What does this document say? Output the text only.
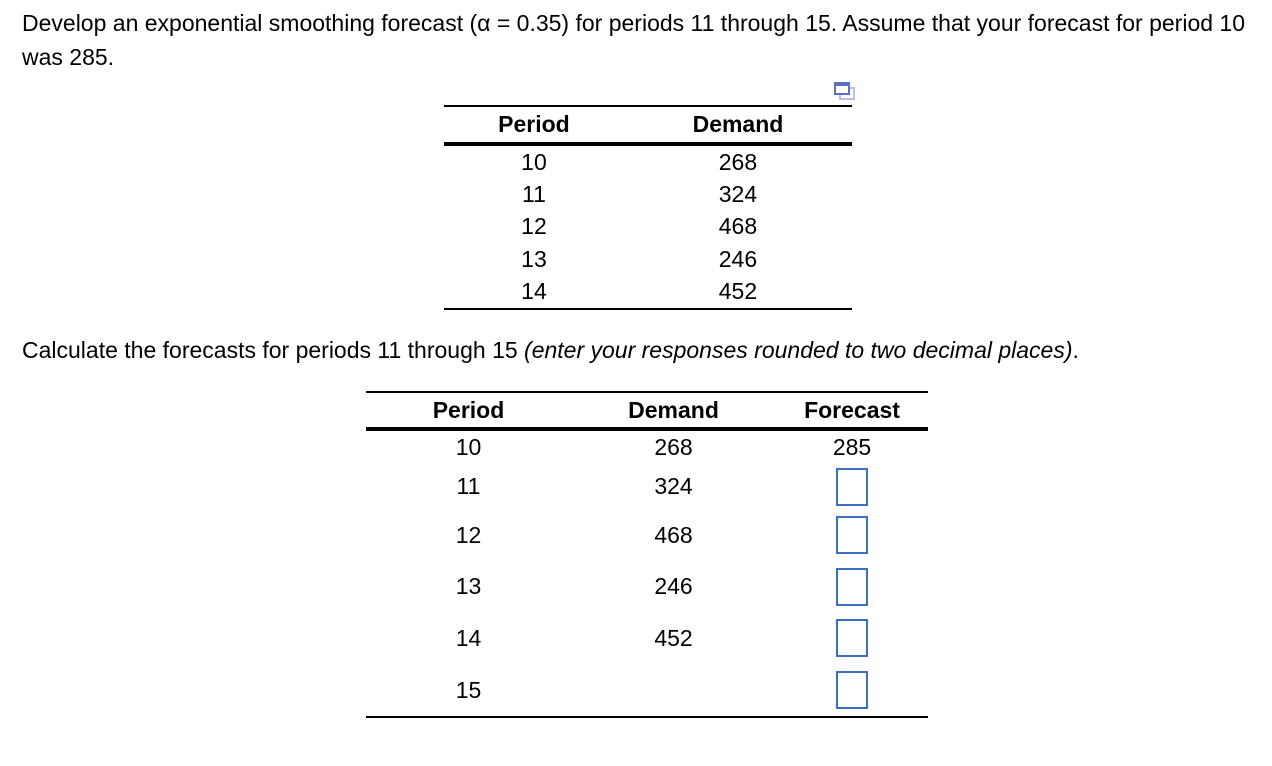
Develop an exponential smoothing forecast (α = 0.35) for periods 11 through 15. Assume that your forecast for period 10 was 285.
Period	Demand
10	268
11	324
12	468
13	246
14	452
Calculate the forecasts for periods 11 through 15 (enter your responses rounded to two decimal places).
Period	Demand	Forecast
10	268	285
11	324	

12	468	

13	246	

14	452	

15		
